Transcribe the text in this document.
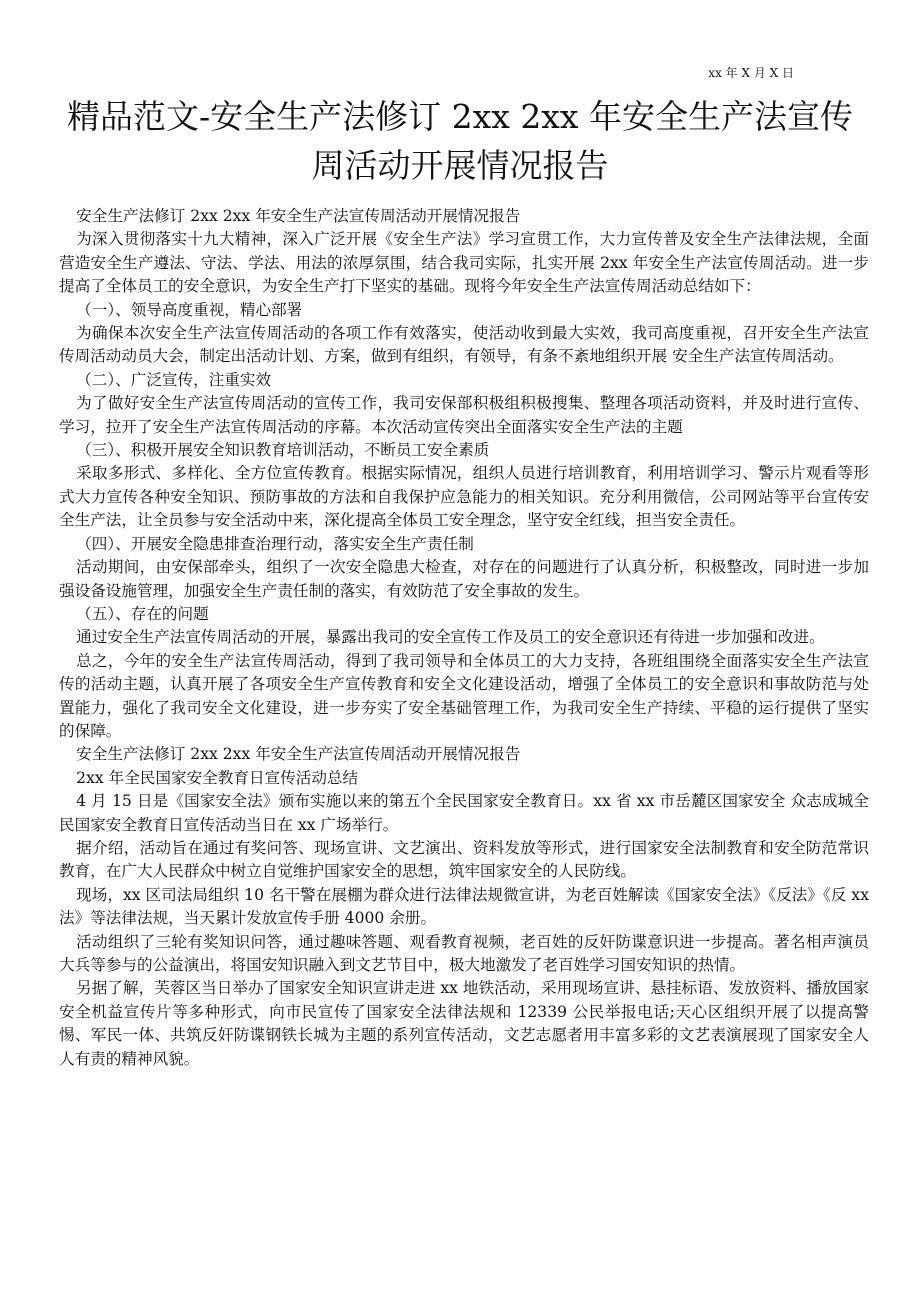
xx 年 X 月 X 日
精品范文-安全生产法修订 2xx 2xx 年安全生产法宣传
周活动开展情况报告

安全生产法修订 2xx 2xx 年安全生产法宣传周活动开展情况报告

为深入贯彻落实十九大精神，深入广泛开展《安全生产法》学习宣贯工作，大力宣传普及安全生产法律法规，全面营造安全生产遵法、守法、学法、用法的浓厚氛围，结合我司实际，扎实开展 2xx 年安全生产法宣传周活动。进一步提高了全体员工的安全意识，为安全生产打下坚实的基础。现将今年安全生产法宣传周活动总结如下：

（一）、领导高度重视，精心部署

为确保本次安全生产法宣传周活动的各项工作有效落实，使活动收到最大实效，我司高度重视，召开安全生产法宣传周活动动员大会，制定出活动计划、方案，做到有组织，有领导，有条不紊地组织开展 安全生产法宣传周活动。

（二）、广泛宣传，注重实效

为了做好安全生产法宣传周活动的宣传工作，我司安保部积极组积极搜集、整理各项活动资料，并及时进行宣传、学习，拉开了安全生产法宣传周活动的序幕。本次活动宣传突出全面落实安全生产法的主题

（三）、积极开展安全知识教育培训活动，不断员工安全素质

采取多形式、多样化、全方位宣传教育。根据实际情况，组织人员进行培训教育，利用培训学习、警示片观看等形式大力宣传各种安全知识、预防事故的方法和自我保护应急能力的相关知识。充分利用微信，公司网站等平台宣传安全生产法，让全员参与安全活动中来，深化提高全体员工安全理念，坚守安全红线，担当安全责任。

（四）、开展安全隐患排查治理行动，落实安全生产责任制

活动期间，由安保部牵头，组织了一次安全隐患大检查，对存在的问题进行了认真分析，积极整改，同时进一步加强设备设施管理，加强安全生产责任制的落实，有效防范了安全事故的发生。

（五）、存在的问题

通过安全生产法宣传周活动的开展，暴露出我司的安全宣传工作及员工的安全意识还有待进一步加强和改进。

总之，今年的安全生产法宣传周活动，得到了我司领导和全体员工的大力支持，各班组围绕全面落实安全生产法宣传的活动主题，认真开展了各项安全生产宣传教育和安全文化建设活动，增强了全体员工的安全意识和事故防范与处置能力，强化了我司安全文化建设，进一步夯实了安全基础管理工作，为我司安全生产持续、平稳的运行提供了坚实的保障。

安全生产法修订 2xx 2xx 年安全生产法宣传周活动开展情况报告

2xx 年全民国家安全教育日宣传活动总结

4 月 15 日是《国家安全法》颁布实施以来的第五个全民国家安全教育日。xx 省 xx 市岳麓区国家安全 众志成城全民国家安全教育日宣传活动当日在 xx 广场举行。

据介绍，活动旨在通过有奖问答、现场宣讲、文艺演出、资料发放等形式，进行国家安全法制教育和安全防范常识教育，在广大人民群众中树立自觉维护国家安全的思想，筑牢国家安全的人民防线。

现场，xx 区司法局组织 10 名干警在展棚为群众进行法律法规微宣讲，为老百姓解读《国家安全法》《反法》《反 xx 法》等法律法规，当天累计发放宣传手册 4000 余册。

活动组织了三轮有奖知识问答，通过趣味答题、观看教育视频，老百姓的反奸防谍意识进一步提高。著名相声演员大兵等参与的公益演出，将国安知识融入到文艺节目中，极大地激发了老百姓学习国安知识的热情。

另据了解，芙蓉区当日举办了国家安全知识宣讲走进 xx 地铁活动，采用现场宣讲、悬挂标语、发放资料、播放国家安全机益宣传片等多种形式，向市民宣传了国家安全法律法规和 12339 公民举报电话;天心区组织开展了以提高警惕、军民一体、共筑反奸防谍钢铁长城为主题的系列宣传活动，文艺志愿者用丰富多彩的文艺表演展现了国家安全人人有责的精神风貌。
